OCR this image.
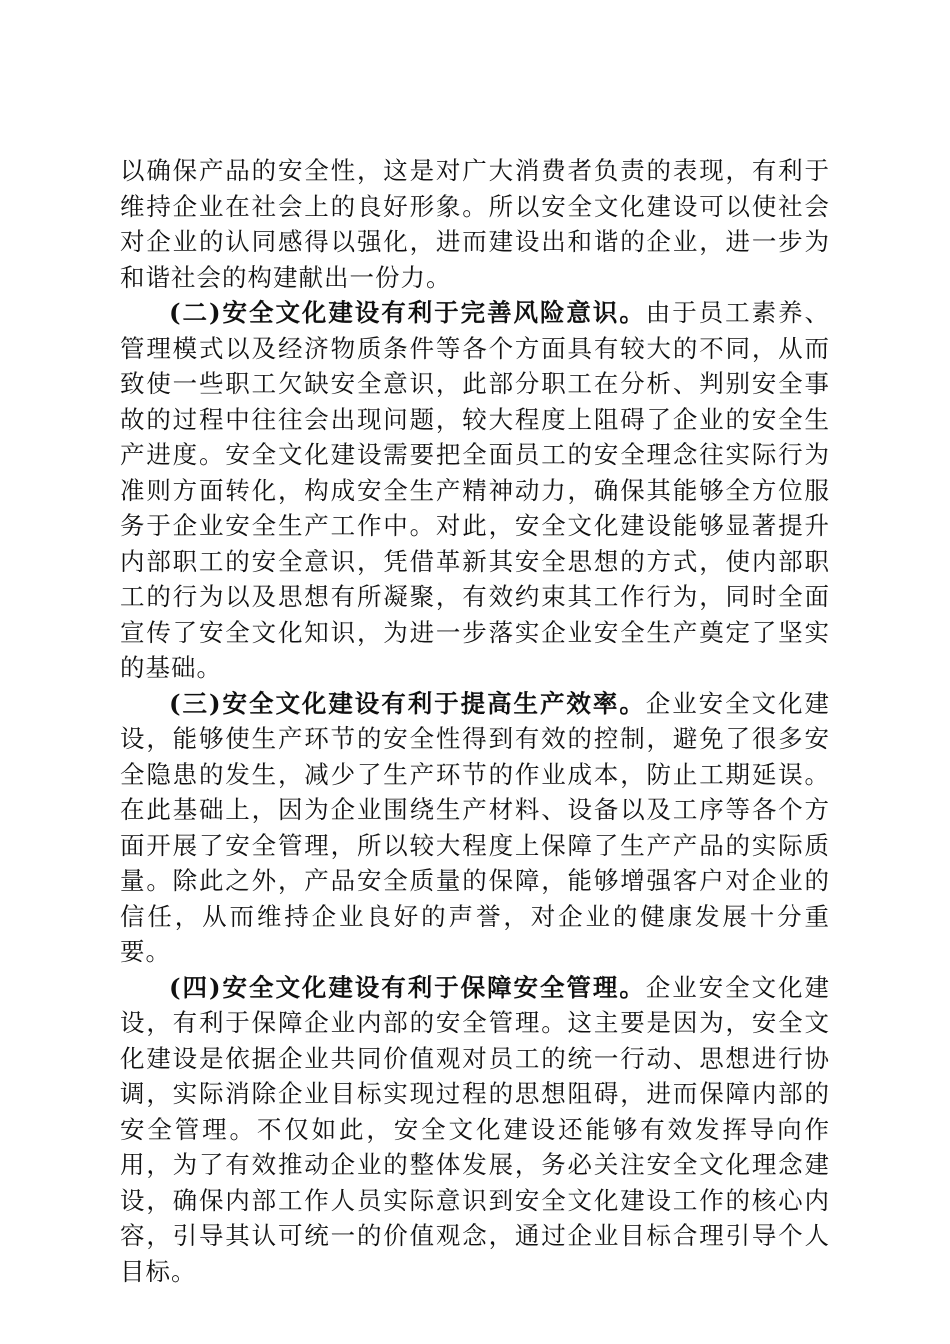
以确保产品的安全性，这是对广大消费者负责的表现，有利于维持企业在社会上的良好形象。所以安全文化建设可以使社会对企业的认同感得以强化，进而建设出和谐的企业，进一步为和谐社会的构建献出一份力。

(二)安全文化建设有利于完善风险意识。由于员工素养、管理模式以及经济物质条件等各个方面具有较大的不同，从而致使一些职工欠缺安全意识，此部分职工在分析、判别安全事故的过程中往往会出现问题，较大程度上阻碍了企业的安全生产进度。安全文化建设需要把全面员工的安全理念往实际行为准则方面转化，构成安全生产精神动力，确保其能够全方位服务于企业安全生产工作中。对此，安全文化建设能够显著提升内部职工的安全意识，凭借革新其安全思想的方式，使内部职工的行为以及思想有所凝聚，有效约束其工作行为，同时全面宣传了安全文化知识，为进一步落实企业安全生产奠定了坚实的基础。

(三)安全文化建设有利于提高生产效率。企业安全文化建设，能够使生产环节的安全性得到有效的控制，避免了很多安全隐患的发生，减少了生产环节的作业成本，防止工期延误。在此基础上，因为企业围绕生产材料、设备以及工序等各个方面开展了安全管理，所以较大程度上保障了生产产品的实际质量。除此之外，产品安全质量的保障，能够增强客户对企业的信任，从而维持企业良好的声誉，对企业的健康发展十分重要。

(四)安全文化建设有利于保障安全管理。企业安全文化建设，有利于保障企业内部的安全管理。这主要是因为，安全文化建设是依据企业共同价值观对员工的统一行动、思想进行协调，实际消除企业目标实现过程的思想阻碍，进而保障内部的安全管理。不仅如此，安全文化建设还能够有效发挥导向作用，为了有效推动企业的整体发展，务必关注安全文化理念建设，确保内部工作人员实际意识到安全文化建设工作的核心内容，引导其认可统一的价值观念，通过企业目标合理引导个人目标。
